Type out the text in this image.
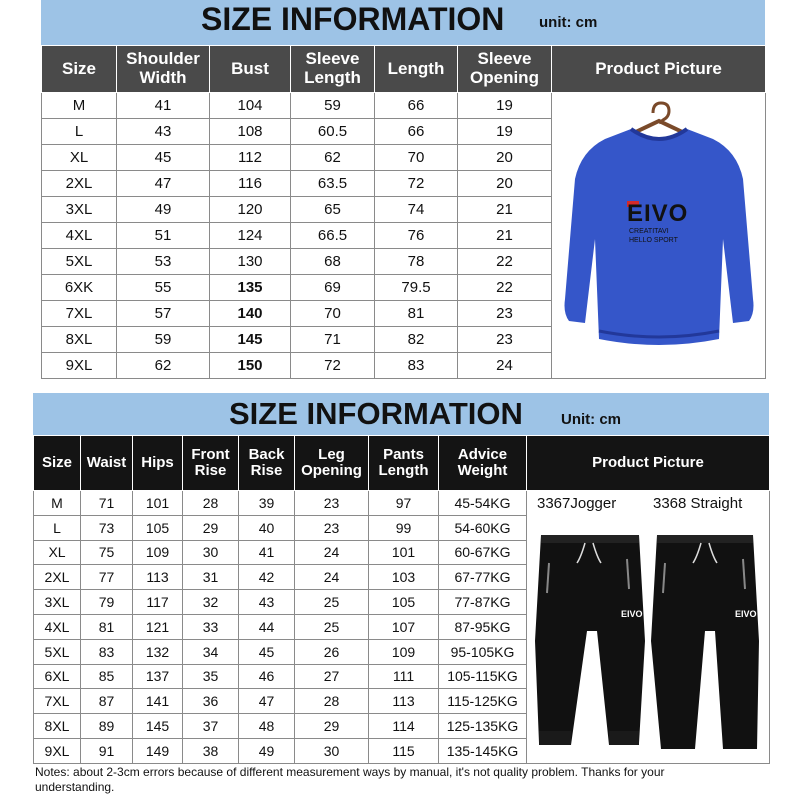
SIZE INFORMATION unit: cm
Size	Shoulder Width	Bust	Sleeve Length	Length	Sleeve Opening	Product Picture
M	41	104	59	66	19	EIVO
CREATITAVI
HELLO SPORT

L	43	108	60.5	66	19	
XL	45	112	62	70	20	
2XL	47	116	63.5	72	20	
3XL	49	120	65	74	21	
4XL	51	124	66.5	76	21	
5XL	53	130	68	78	22	
6XK	55	135	69	79.5	22	
7XL	57	140	70	81	23	
8XL	59	145	71	82	23	
9XL	62	150	72	83	24	
SIZE INFORMATION	Unit: cm
Size	Waist	Hips	Front Rise	Back Rise	Leg Opening	Pants Length	Advice Weight	Product Picture
M	71	101	28	39	23	97	45-54KG	3367Jogger 3368 Straight
EIVO EIVO

L	73	105	29	40	23	99	54-60KG	
XL	75	109	30	41	24	101	60-67KG	
2XL	77	113	31	42	24	103	67-77KG	
3XL	79	117	32	43	25	105	77-87KG	
4XL	81	121	33	44	25	107	87-95KG	
5XL	83	132	34	45	26	109	95-105KG	
6XL	85	137	35	46	27	111	105-115KG	
7XL	87	141	36	47	28	113	115-125KG	
8XL	89	145	37	48	29	114	125-135KG	
9XL	91	149	38	49	30	115	135-145KG	
Notes: about 2-3cm errors because of different measurement ways by manual, it's not quality problem. Thanks for your understanding.
